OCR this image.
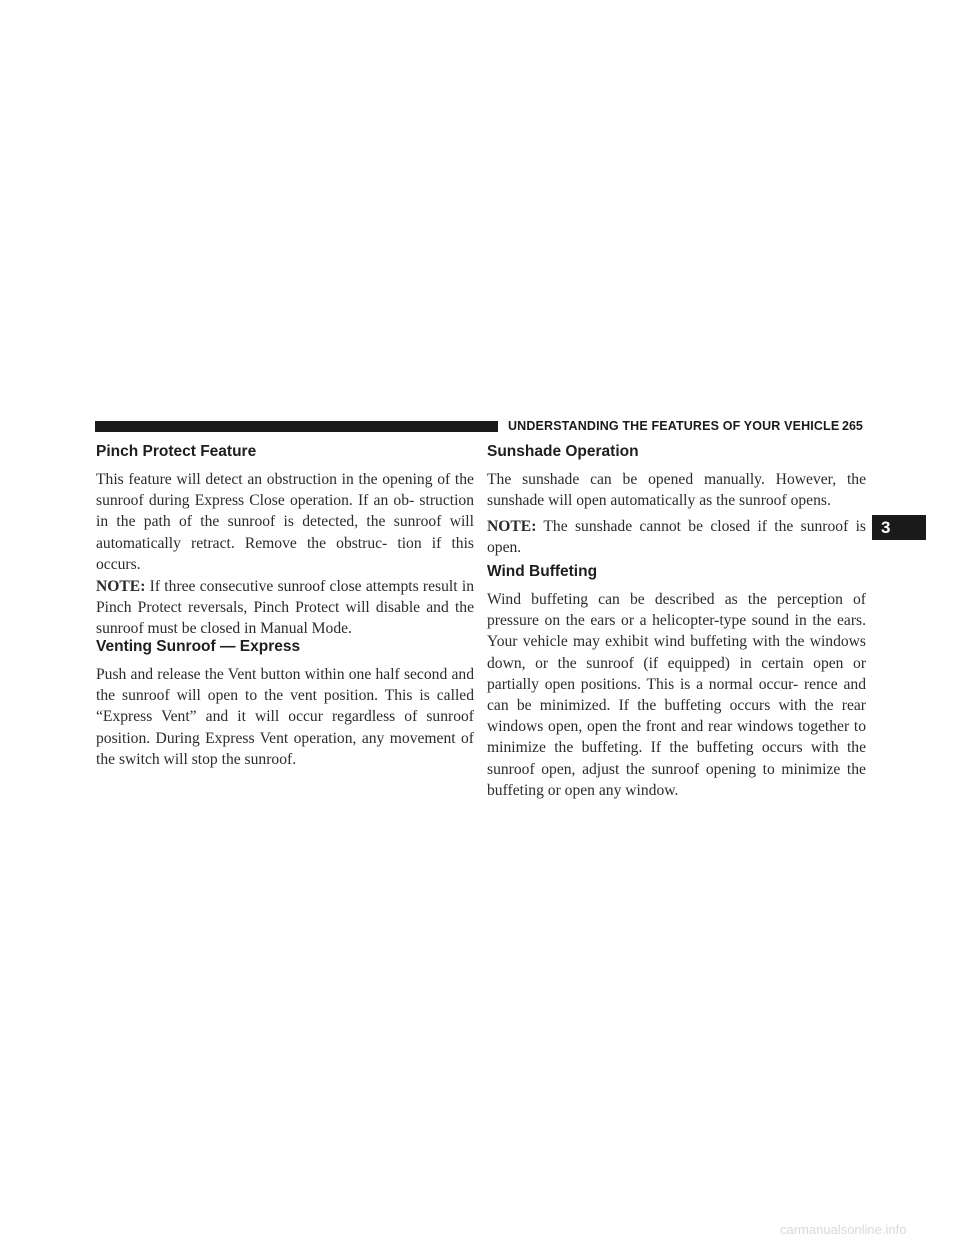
UNDERSTANDING THE FEATURES OF YOUR VEHICLE 265
Pinch Protect Feature

This feature will detect an obstruction in the opening of the sunroof during Express Close operation. If an ob- struction in the path of the sunroof is detected, the sunroof will automatically retract. Remove the obstruc- tion if this occurs.

NOTE: If three consecutive sunroof close attempts result in Pinch Protect reversals, Pinch Protect will disable and the sunroof must be closed in Manual Mode.

Venting Sunroof — Express

Push and release the Vent button within one half second and the sunroof will open to the vent position. This is called “Express Vent” and it will occur regardless of sunroof position. During Express Vent operation, any movement of the switch will stop the sunroof.

Sunshade Operation

The sunshade can be opened manually. However, the sunshade will open automatically as the sunroof opens.

NOTE: The sunshade cannot be closed if the sunroof is open.

Wind Buffeting

Wind buffeting can be described as the perception of pressure on the ears or a helicopter-type sound in the ears. Your vehicle may exhibit wind buffeting with the windows down, or the sunroof (if equipped) in certain open or partially open positions. This is a normal occur- rence and can be minimized. If the buffeting occurs with the rear windows open, open the front and rear windows together to minimize the buffeting. If the buffeting occurs with the sunroof open, adjust the sunroof opening to minimize the buffeting or open any window.

3
carmanualsonline.info
